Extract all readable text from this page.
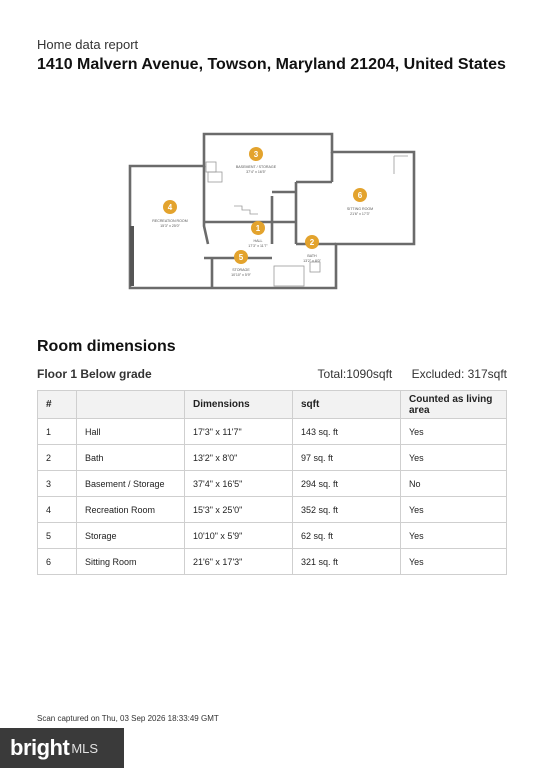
Home data report
1410 Malvern Avenue, Towson, Maryland 21204, United States
BASEMENT / STORAGE
37'4" x 16'5"
RECREATION ROOM
15'3" x 25'0"
SITTING ROOM
21'6" x 17'3"
HALL
17'3" x 11'7"
BATH
13'2" x 8'0"
STORAGE
10'10" x 5'9"
3
4
6
1
2
5
Room dimensions
Floor 1 Below grade	Total:1090sqft Excluded: 317sqft
#		Dimensions	sqft	Counted as living area
1	Hall	17'3" x 11'7"	143 sq. ft	Yes
2	Bath	13'2" x 8'0"	97 sq. ft	Yes
3	Basement / Storage	37'4" x 16'5"	294 sq. ft	No
4	Recreation Room	15'3" x 25'0"	352 sq. ft	Yes
5	Storage	10'10" x 5'9"	62 sq. ft	Yes
6	Sitting Room	21'6" x 17'3"	321 sq. ft	Yes
Scan captured on Thu, 03 Sep 2026 18:33:49 GMT
bright MLS
